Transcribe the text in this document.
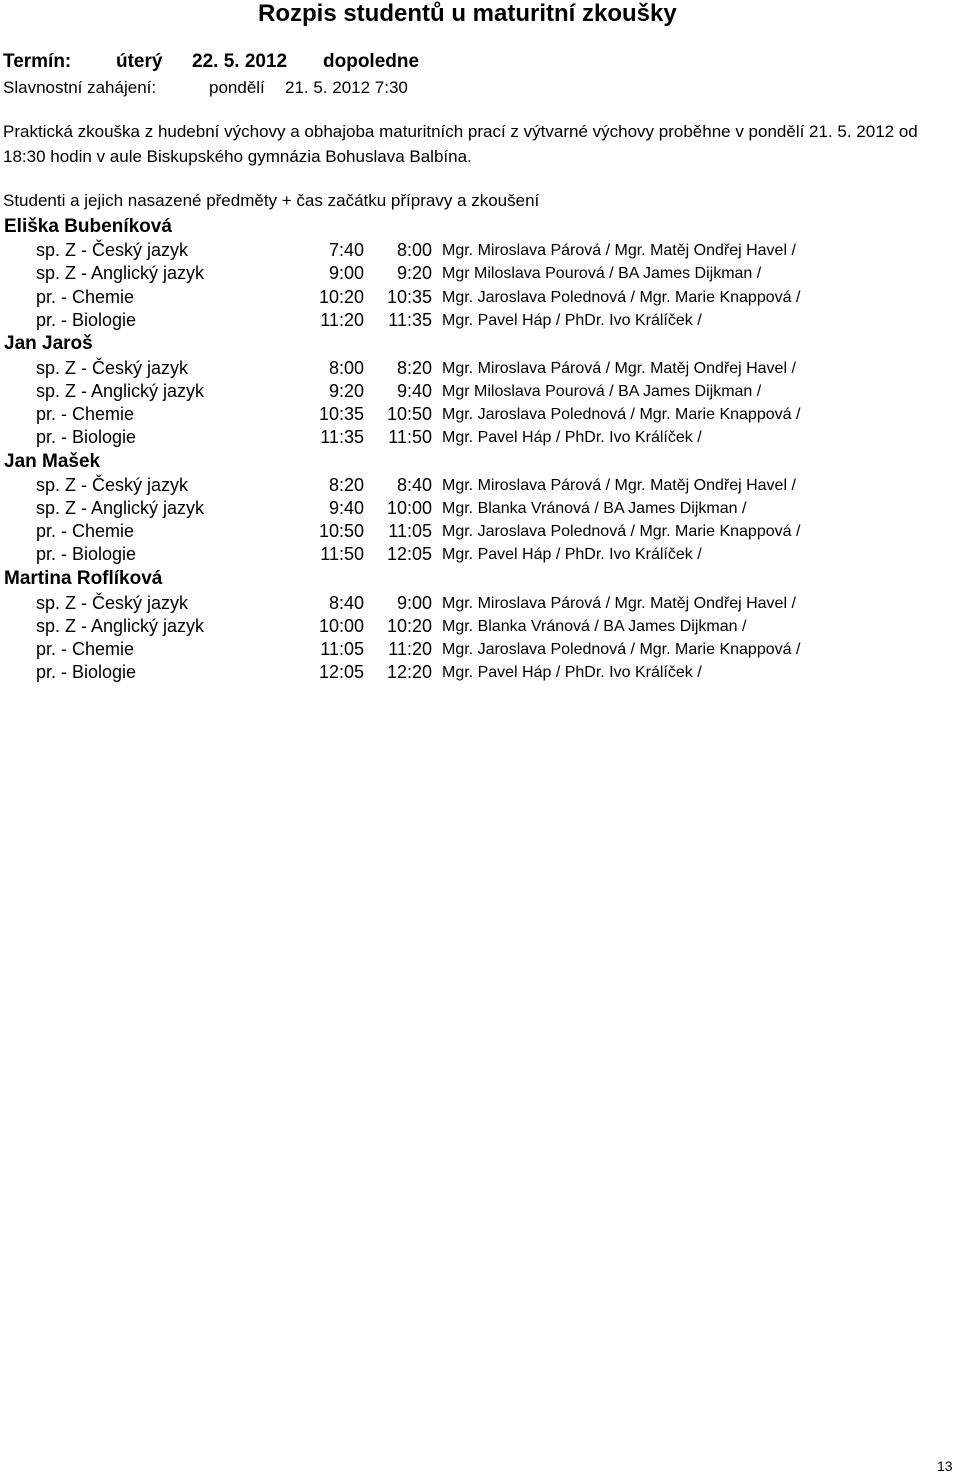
Rozpis studentů u maturitní zkoušky
Termín: úterý 22. 5. 2012 dopoledne
Slavnostní zahájení:	pondělí 21. 5. 2012 7:30
Praktická zkouška z hudební výchovy a obhajoba maturitních prací z výtvarné výchovy proběhne v pondělí 21. 5. 2012 od 18:30 hodin v aule Biskupského gymnázia Bohuslava Balbína.
Studenti a jejich nasazené předměty + čas začátku přípravy a zkoušení
Eliška Bubeníková
sp. Z - Český jazyk	7:40 8:00 Mgr. Miroslava Párová / Mgr. Matěj Ondřej Havel /
sp. Z - Anglický jazyk	9:00 9:20 Mgr Miloslava Pourová / BA James Dijkman /
pr. - Chemie	10:20 10:35 Mgr. Jaroslava Polednová / Mgr. Marie Knappová /
pr. - Biologie	11:20 11:35 Mgr. Pavel Háp / PhDr. Ivo Králíček /
Jan Jaroš
sp. Z - Český jazyk	8:00 8:20 Mgr. Miroslava Párová / Mgr. Matěj Ondřej Havel /
sp. Z - Anglický jazyk	9:20 9:40 Mgr Miloslava Pourová / BA James Dijkman /
pr. - Chemie	10:35 10:50 Mgr. Jaroslava Polednová / Mgr. Marie Knappová /
pr. - Biologie	11:35 11:50 Mgr. Pavel Háp / PhDr. Ivo Králíček /
Jan Mašek
sp. Z - Český jazyk	8:20 8:40 Mgr. Miroslava Párová / Mgr. Matěj Ondřej Havel /
sp. Z - Anglický jazyk	9:40 10:00 Mgr. Blanka Vránová / BA James Dijkman /
pr. - Chemie	10:50 11:05 Mgr. Jaroslava Polednová / Mgr. Marie Knappová /
pr. - Biologie	11:50 12:05 Mgr. Pavel Háp / PhDr. Ivo Králíček /
Martina Roflíková
sp. Z - Český jazyk	8:40 9:00 Mgr. Miroslava Párová / Mgr. Matěj Ondřej Havel /
sp. Z - Anglický jazyk	10:00 10:20 Mgr. Blanka Vránová / BA James Dijkman /
pr. - Chemie	11:05 11:20 Mgr. Jaroslava Polednová / Mgr. Marie Knappová /
pr. - Biologie	12:05 12:20 Mgr. Pavel Háp / PhDr. Ivo Králíček /
13
